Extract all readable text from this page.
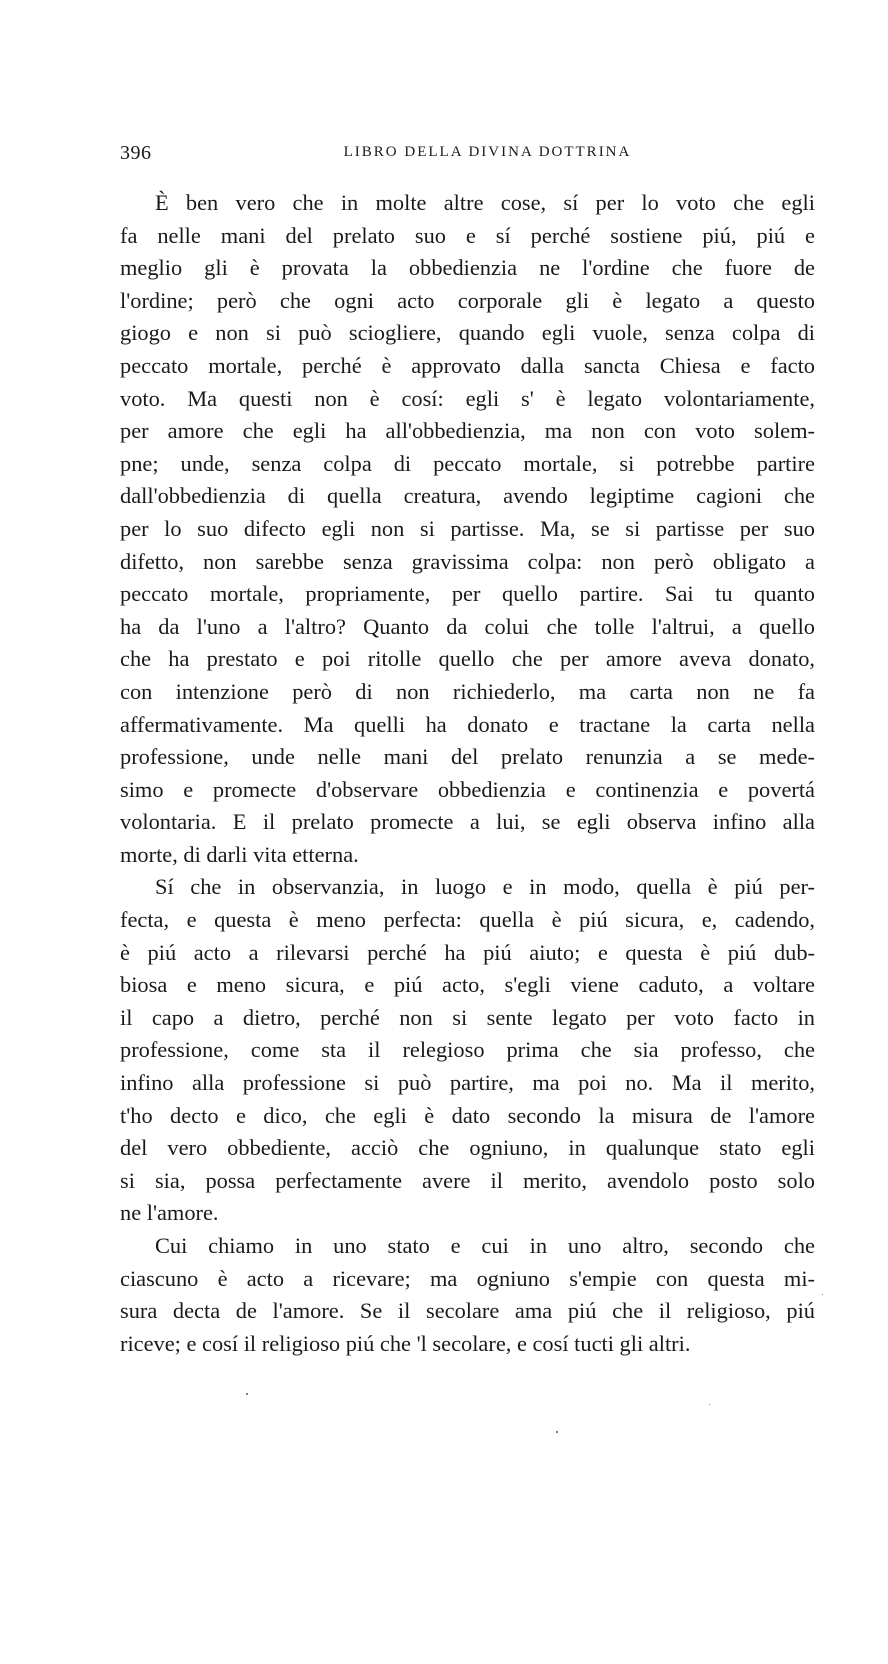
396	LIBRO DELLA DIVINA DOTTRINA
È ben vero che in molte altre cose, sí per lo voto che egli
fa nelle mani del prelato suo e sí perché sostiene piú, piú e
meglio gli è provata la obbedienzia ne l'ordine che fuore de
l'ordine; però che ogni acto corporale gli è legato a questo
giogo e non si può sciogliere, quando egli vuole, senza colpa di
peccato mortale, perché è approvato dalla sancta Chiesa e facto
voto. Ma questi non è cosí: egli s' è legato volontariamente,
per amore che egli ha all'obbedienzia, ma non con voto solem-
pne; unde, senza colpa di peccato mortale, si potrebbe partire
dall'obbedienzia di quella creatura, avendo legiptime cagioni che
per lo suo difecto egli non si partisse. Ma, se si partisse per suo
difetto, non sarebbe senza gravissima colpa: non però obligato a
peccato mortale, propriamente, per quello partire. Sai tu quanto
ha da l'uno a l'altro? Quanto da colui che tolle l'altrui, a quello
che ha prestato e poi ritolle quello che per amore aveva donato,
con intenzione però di non richiederlo, ma carta non ne fa
affermativamente. Ma quelli ha donato e tractane la carta nella
professione, unde nelle mani del prelato renunzia a se mede-
simo e promecte d'observare obbedienzia e continenzia e povertá
volontaria. E il prelato promecte a lui, se egli observa infino alla
morte, di darli vita etterna.
Sí che in observanzia, in luogo e in modo, quella è piú per-
fecta, e questa è meno perfecta: quella è piú sicura, e, cadendo,
è piú acto a rilevarsi perché ha piú aiuto; e questa è piú dub-
biosa e meno sicura, e piú acto, s'egli viene caduto, a voltare
il capo a dietro, perché non si sente legato per voto facto in
professione, come sta il relegioso prima che sia professo, che
infino alla professione si può partire, ma poi no. Ma il merito,
t'ho decto e dico, che egli è dato secondo la misura de l'amore
del vero obbediente, acciò che ogniuno, in qualunque stato egli
si sia, possa perfectamente avere il merito, avendolo posto solo
ne l'amore.
Cui chiamo in uno stato e cui in uno altro, secondo che
ciascuno è acto a ricevare; ma ogniuno s'empie con questa mi-
sura decta de l'amore. Se il secolare ama piú che il religioso, piú
riceve; e cosí il religioso piú che 'l secolare, e cosí tucti gli altri.
